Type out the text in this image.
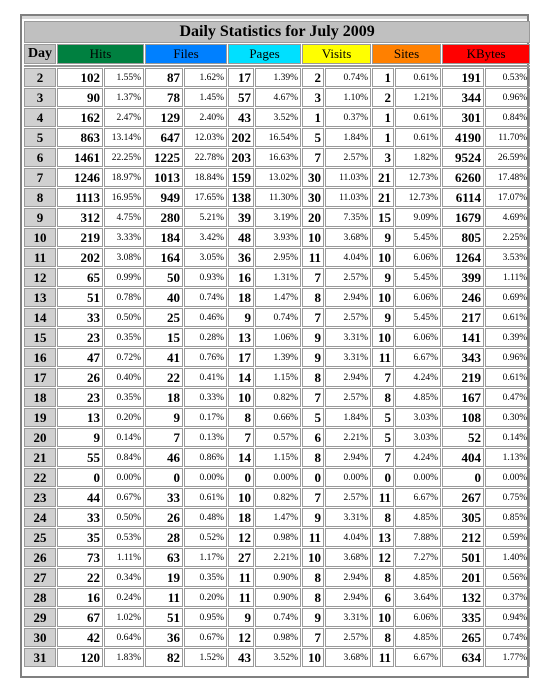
Daily Statistics for July 2009												
Day	Hits		Files		Pages		Visits		Sites		KBytes	

2	102	1.55%	87	1.62%	17	1.39%	2	0.74%	1	0.61%	191	0.53%
3	90	1.37%	78	1.45%	57	4.67%	3	1.10%	2	1.21%	344	0.96%
4	162	2.47%	129	2.40%	43	3.52%	1	0.37%	1	0.61%	301	0.84%
5	863	13.14%	647	12.03%	202	16.54%	5	1.84%	1	0.61%	4190	11.70%
6	1461	22.25%	1225	22.78%	203	16.63%	7	2.57%	3	1.82%	9524	26.59%
7	1246	18.97%	1013	18.84%	159	13.02%	30	11.03%	21	12.73%	6260	17.48%
8	1113	16.95%	949	17.65%	138	11.30%	30	11.03%	21	12.73%	6114	17.07%
9	312	4.75%	280	5.21%	39	3.19%	20	7.35%	15	9.09%	1679	4.69%
10	219	3.33%	184	3.42%	48	3.93%	10	3.68%	9	5.45%	805	2.25%
11	202	3.08%	164	3.05%	36	2.95%	11	4.04%	10	6.06%	1264	3.53%
12	65	0.99%	50	0.93%	16	1.31%	7	2.57%	9	5.45%	399	1.11%
13	51	0.78%	40	0.74%	18	1.47%	8	2.94%	10	6.06%	246	0.69%
14	33	0.50%	25	0.46%	9	0.74%	7	2.57%	9	5.45%	217	0.61%
15	23	0.35%	15	0.28%	13	1.06%	9	3.31%	10	6.06%	141	0.39%
16	47	0.72%	41	0.76%	17	1.39%	9	3.31%	11	6.67%	343	0.96%
17	26	0.40%	22	0.41%	14	1.15%	8	2.94%	7	4.24%	219	0.61%
18	23	0.35%	18	0.33%	10	0.82%	7	2.57%	8	4.85%	167	0.47%
19	13	0.20%	9	0.17%	8	0.66%	5	1.84%	5	3.03%	108	0.30%
20	9	0.14%	7	0.13%	7	0.57%	6	2.21%	5	3.03%	52	0.14%
21	55	0.84%	46	0.86%	14	1.15%	8	2.94%	7	4.24%	404	1.13%
22	0	0.00%	0	0.00%	0	0.00%	0	0.00%	0	0.00%	0	0.00%
23	44	0.67%	33	0.61%	10	0.82%	7	2.57%	11	6.67%	267	0.75%
24	33	0.50%	26	0.48%	18	1.47%	9	3.31%	8	4.85%	305	0.85%
25	35	0.53%	28	0.52%	12	0.98%	11	4.04%	13	7.88%	212	0.59%
26	73	1.11%	63	1.17%	27	2.21%	10	3.68%	12	7.27%	501	1.40%
27	22	0.34%	19	0.35%	11	0.90%	8	2.94%	8	4.85%	201	0.56%
28	16	0.24%	11	0.20%	11	0.90%	8	2.94%	6	3.64%	132	0.37%
29	67	1.02%	51	0.95%	9	0.74%	9	3.31%	10	6.06%	335	0.94%
30	42	0.64%	36	0.67%	12	0.98%	7	2.57%	8	4.85%	265	0.74%
31	120	1.83%	82	1.52%	43	3.52%	10	3.68%	11	6.67%	634	1.77%
